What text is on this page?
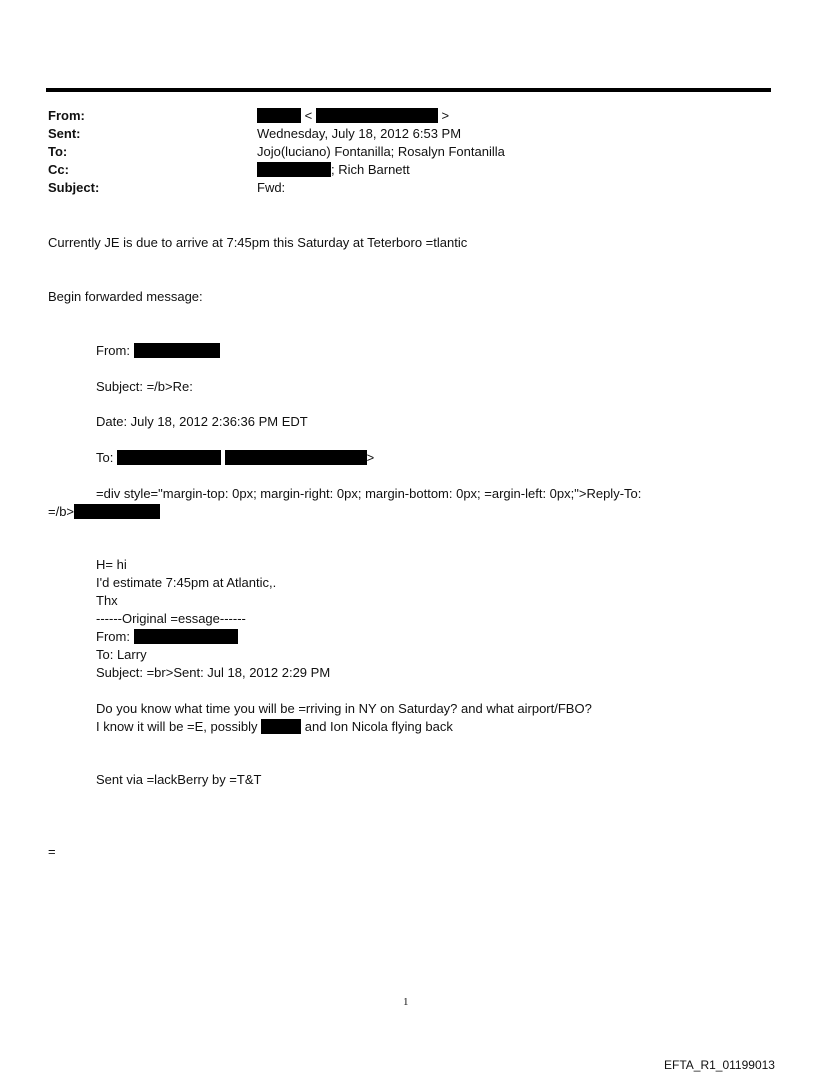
From:	<	>
Sent:	Wednesday, July 18, 2012 6:53 PM
To:	Jojo(luciano) Fontanilla; Rosalyn Fontanilla
Cc:	; Rich Barnett
Subject:	Fwd:
Currently JE is due to arrive at 7:45pm this Saturday at Teterboro =tlantic
Begin forwarded message:
From:
Subject: =/b>Re:
Date: July 18, 2012 2:36:36 PM EDT
To:	>
=div style="margin-top: 0px; margin-right: 0px; margin-bottom: 0px; =argin-left: 0px;">Reply-To:
=/b>
H= hi
I'd estimate 7:45pm at Atlantic,.
Thx
------Original =essage------
From:
To: Larry
Subject: =br>Sent: Jul 18, 2012 2:29 PM
Do you know what time you will be =rriving in NY on Saturday? and what airport/FBO?
I know it will be =E, possibly	and Ion Nicola flying back
Sent via =lackBerry by =T&T
=
1
EFTA_R1_01199013
